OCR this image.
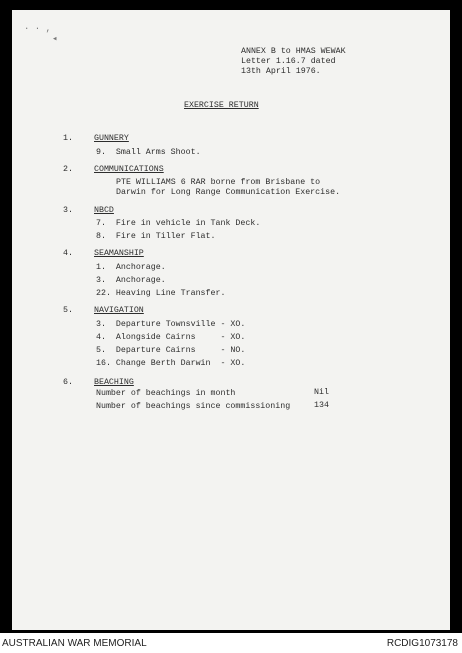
· · ,
◂
ANNEX B to HMAS WEWAK
Letter 1.16.7 dated
13th April 1976.
EXERCISE RETURN
1.	GUNNERY
9.  Small Arms Shoot.
2.	COMMUNICATIONS
PTE WILLIAMS 6 RAR borne from Brisbane to
Darwin for Long Range Communication Exercise.
3.	NBCD
7.  Fire in vehicle in Tank Deck.
8.  Fire in Tiller Flat.
4.	SEAMANSHIP
1.  Anchorage.
3.  Anchorage.
22. Heaving Line Transfer.
5.	NAVIGATION
3.  Departure Townsville - XO.
4.  Alongside Cairns     - XO.
5.  Departure Cairns     - NO.
16. Change Berth Darwin  - XO.
6.	BEACHING
Number of beachings in month	Nil
Number of beachings since commissioning	134
AUSTRALIAN WAR MEMORIAL	RCDIG1073178
